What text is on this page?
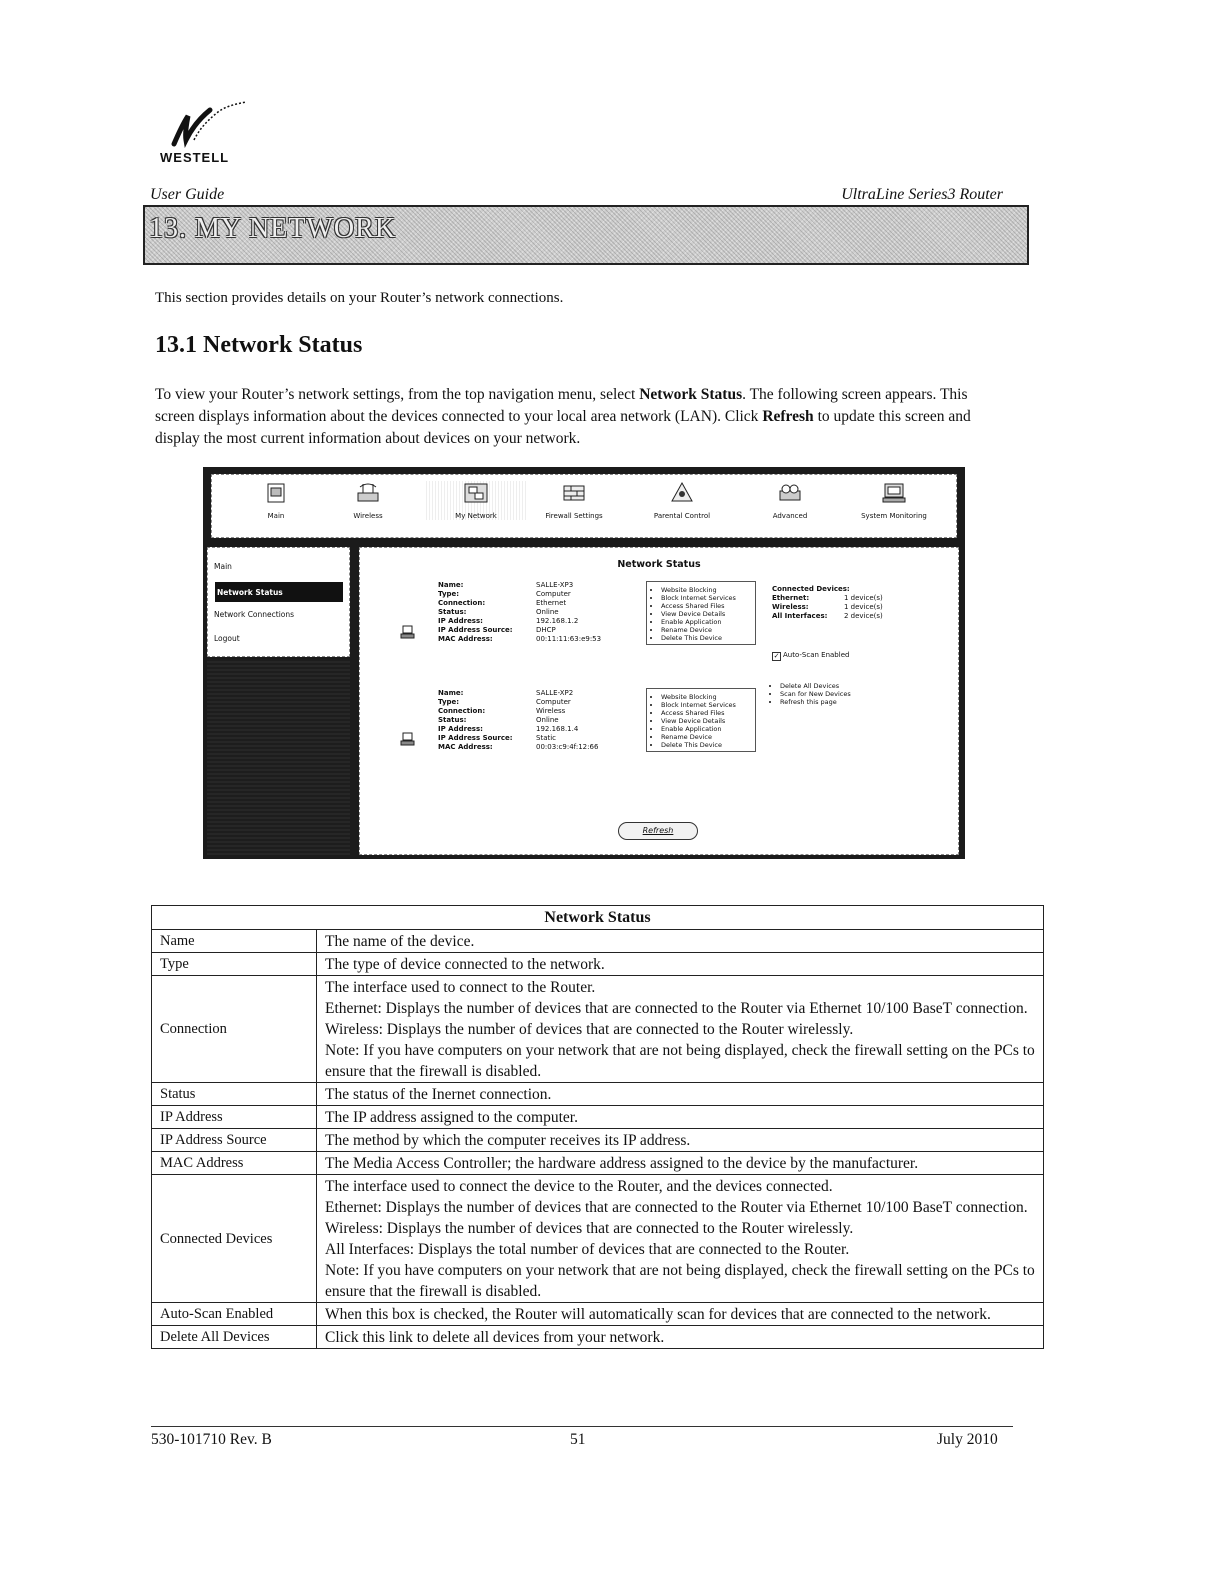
WESTELL
User Guide	UltraLine Series3 Router
13. MY NETWORK
This section provides details on your Router’s network connections.
13.1 Network Status
To view your Router’s network settings, from the top navigation menu, select Network Status. The following screen appears. This screen displays information about the devices connected to your local area network (LAN). Click Refresh to update this screen and display the most current information about devices on your network.
Main	Wireless	My Network	Firewall Settings	Parental Control	Advanced	System Monitoring
Main
Network Status
Network Connections
Logout
Network Status
Name:	SALLE-XP3
Type:	Computer
Connection:	Ethernet
Status:	Online
IP Address:	192.168.1.2
IP Address Source:	DHCP
MAC Address:	00:11:11:63:e9:53
• Website Blocking
• Block Internet Services
• Access Shared Files
• View Device Details
• Enable Application
• Rename Device
• Delete This Device
Name:	SALLE-XP2
Type:	Computer
Connection:	Wireless
Status:	Online
IP Address:	192.168.1.4
IP Address Source:	Static
MAC Address:	00:03:c9:4f:12:66
• Website Blocking
• Block Internet Services
• Access Shared Files
• View Device Details
• Enable Application
• Rename Device
• Delete This Device
Connected Devices:
Ethernet:	1 device(s)
Wireless:	1 device(s)
All Interfaces: 2 device(s)
✓ Auto-Scan Enabled
• Delete All Devices
• Scan for New Devices
• Refresh this page
Refresh
Network Status	
Name	The name of the device.

Type	The type of device connected to the network.

Connection	The interface used to connect to the Router.
Ethernet: Displays the number of devices that are connected to the Router via Ethernet 10/100 BaseT connection.
Wireless: Displays the number of devices that are connected to the Router wirelessly.
Note: If you have computers on your network that are not being displayed, check the firewall setting on the PCs to ensure that the firewall is disabled.

Status	The status of the Inernet connection.

IP Address	The IP address assigned to the computer.

IP Address Source	The method by which the computer receives its IP address.

MAC Address	The Media Access Controller; the hardware address assigned to the device by the manufacturer.

Connected Devices	The interface used to connect the device to the Router, and the devices connected.
Ethernet: Displays the number of devices that are connected to the Router via Ethernet 10/100 BaseT connection.
Wireless: Displays the number of devices that are connected to the Router wirelessly.
All Interfaces: Displays the total number of devices that are connected to the Router.
Note: If you have computers on your network that are not being displayed, check the firewall setting on the PCs to ensure that the firewall is disabled.

Auto-Scan Enabled	When this box is checked, the Router will automatically scan for devices that are connected to the network.

Delete All Devices	Click this link to delete all devices from your network.
530-101710 Rev. B	51	July 2010
